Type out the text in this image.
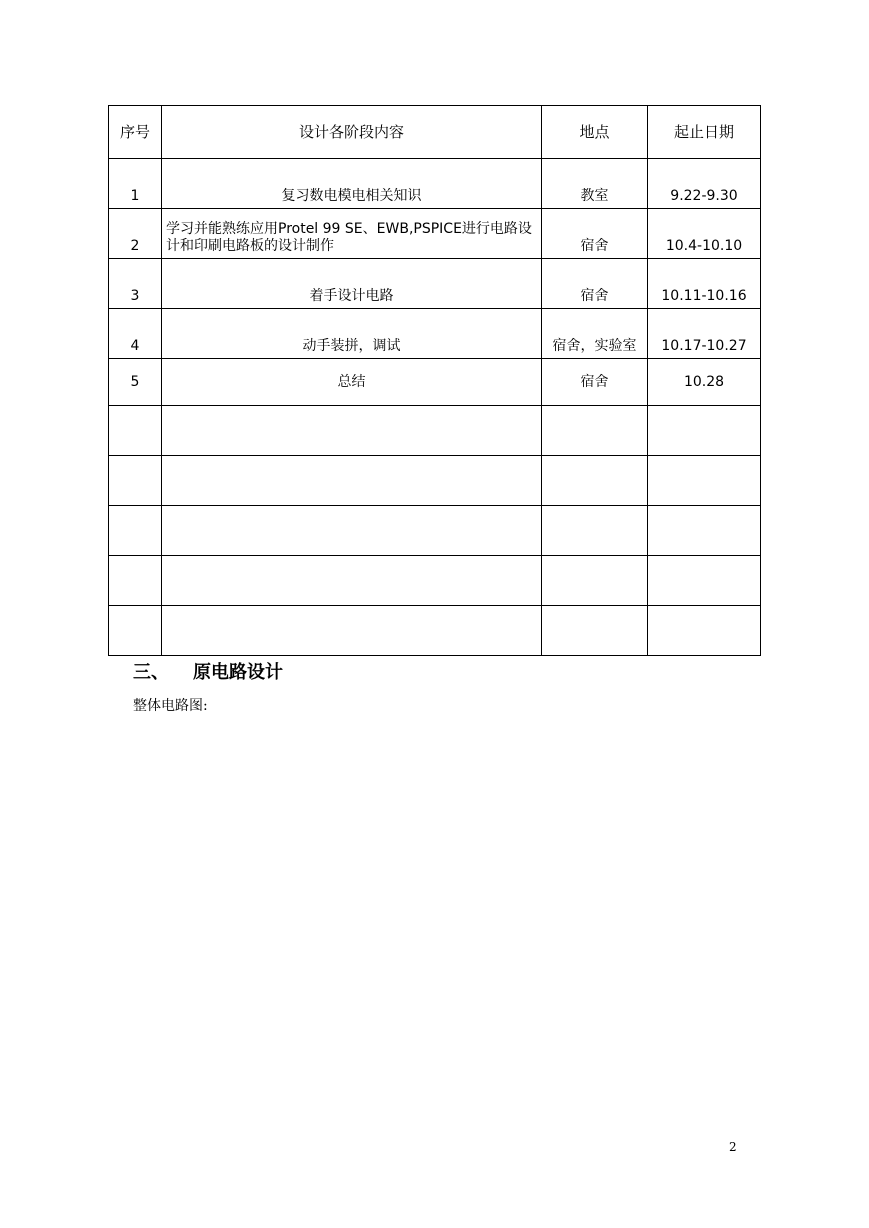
序号	设计各阶段内容	地点	起止日期
1	复习数电模电相关知识	教室	9.22-9.30
2	学习并能熟练应用Protel 99 SE、EWB,PSPICE进行电路设计和印刷电路板的设计制作	宿舍	10.4-10.10
3	着手设计电路	宿舍	10.11-10.16
4	动手装拼，调试	宿舍，实验室	10.17-10.27
5	总结	宿舍	10.28

三、 原电路设计
整体电路图:
2
